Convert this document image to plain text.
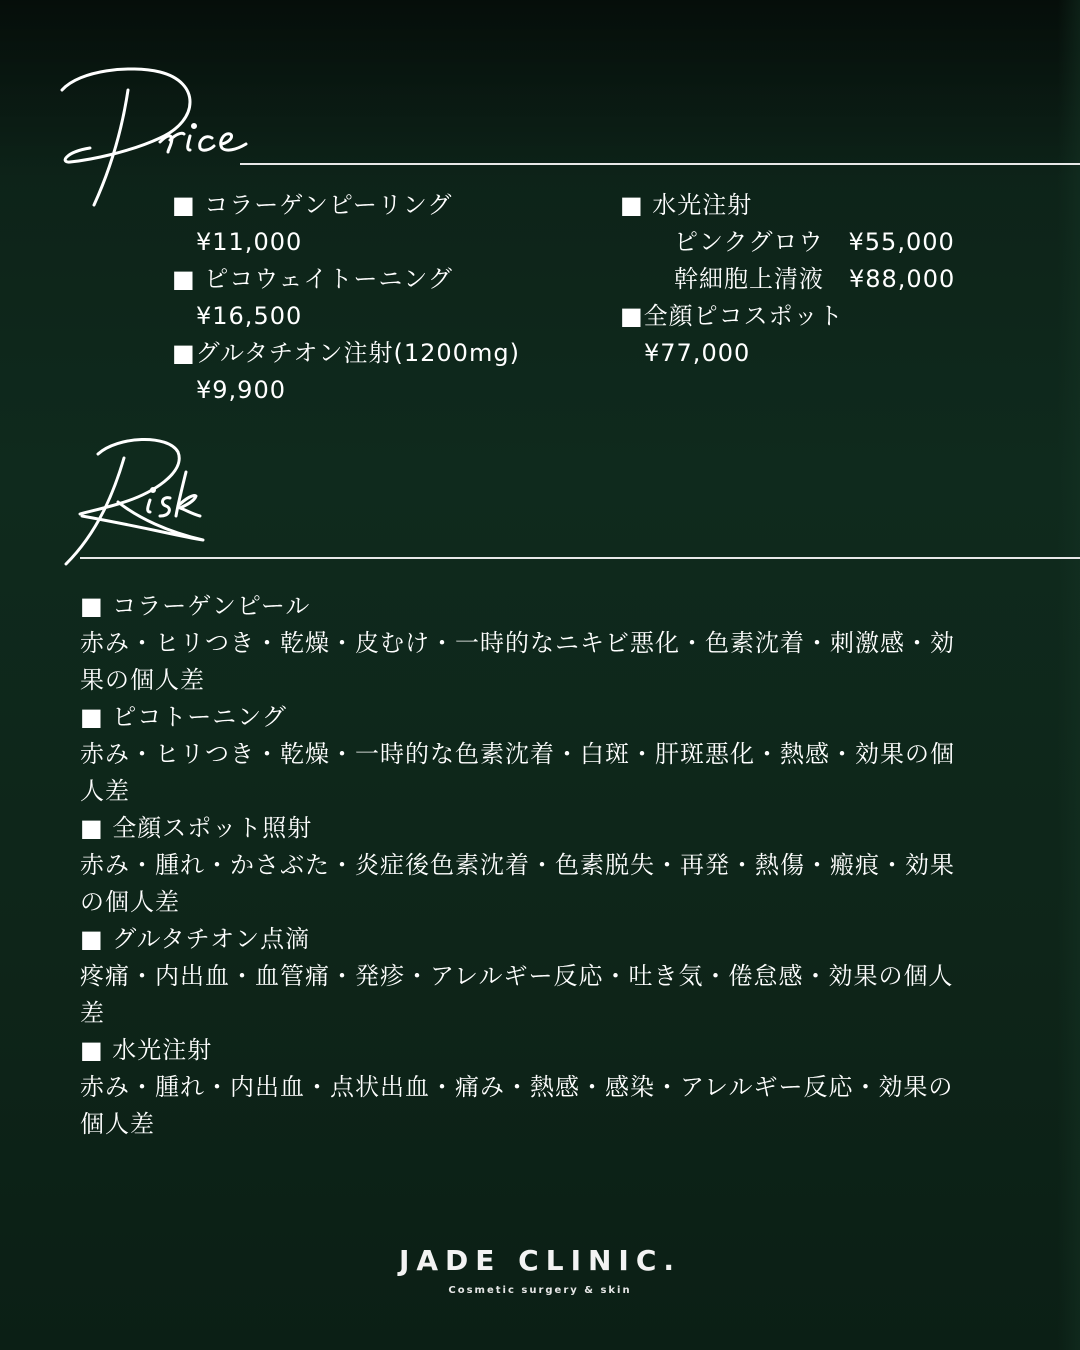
■ コラーゲンピーリング
¥11,000
■ ピコウェイトーニング
¥16,500
■グルタチオン注射(1200mg)
¥9,900
■ 水光注射
ピンクグロウ　¥55,000
幹細胞上清液　¥88,000
■全顔ピコスポット
¥77,000
■ コラーゲンピール
赤み・ヒリつき・乾燥・皮むけ・一時的なニキビ悪化・色素沈着・刺激感・効
果の個人差
■ ピコトーニング
赤み・ヒリつき・乾燥・一時的な色素沈着・白斑・肝斑悪化・熱感・効果の個
人差
■ 全顔スポット照射
赤み・腫れ・かさぶた・炎症後色素沈着・色素脱失・再発・熱傷・瘢痕・効果
の個人差
■ グルタチオン点滴
疼痛・内出血・血管痛・発疹・アレルギー反応・吐き気・倦怠感・効果の個人
差
■ 水光注射
赤み・腫れ・内出血・点状出血・痛み・熱感・感染・アレルギー反応・効果の
個人差
JADE CLINIC.
Cosmetic surgery & skin
